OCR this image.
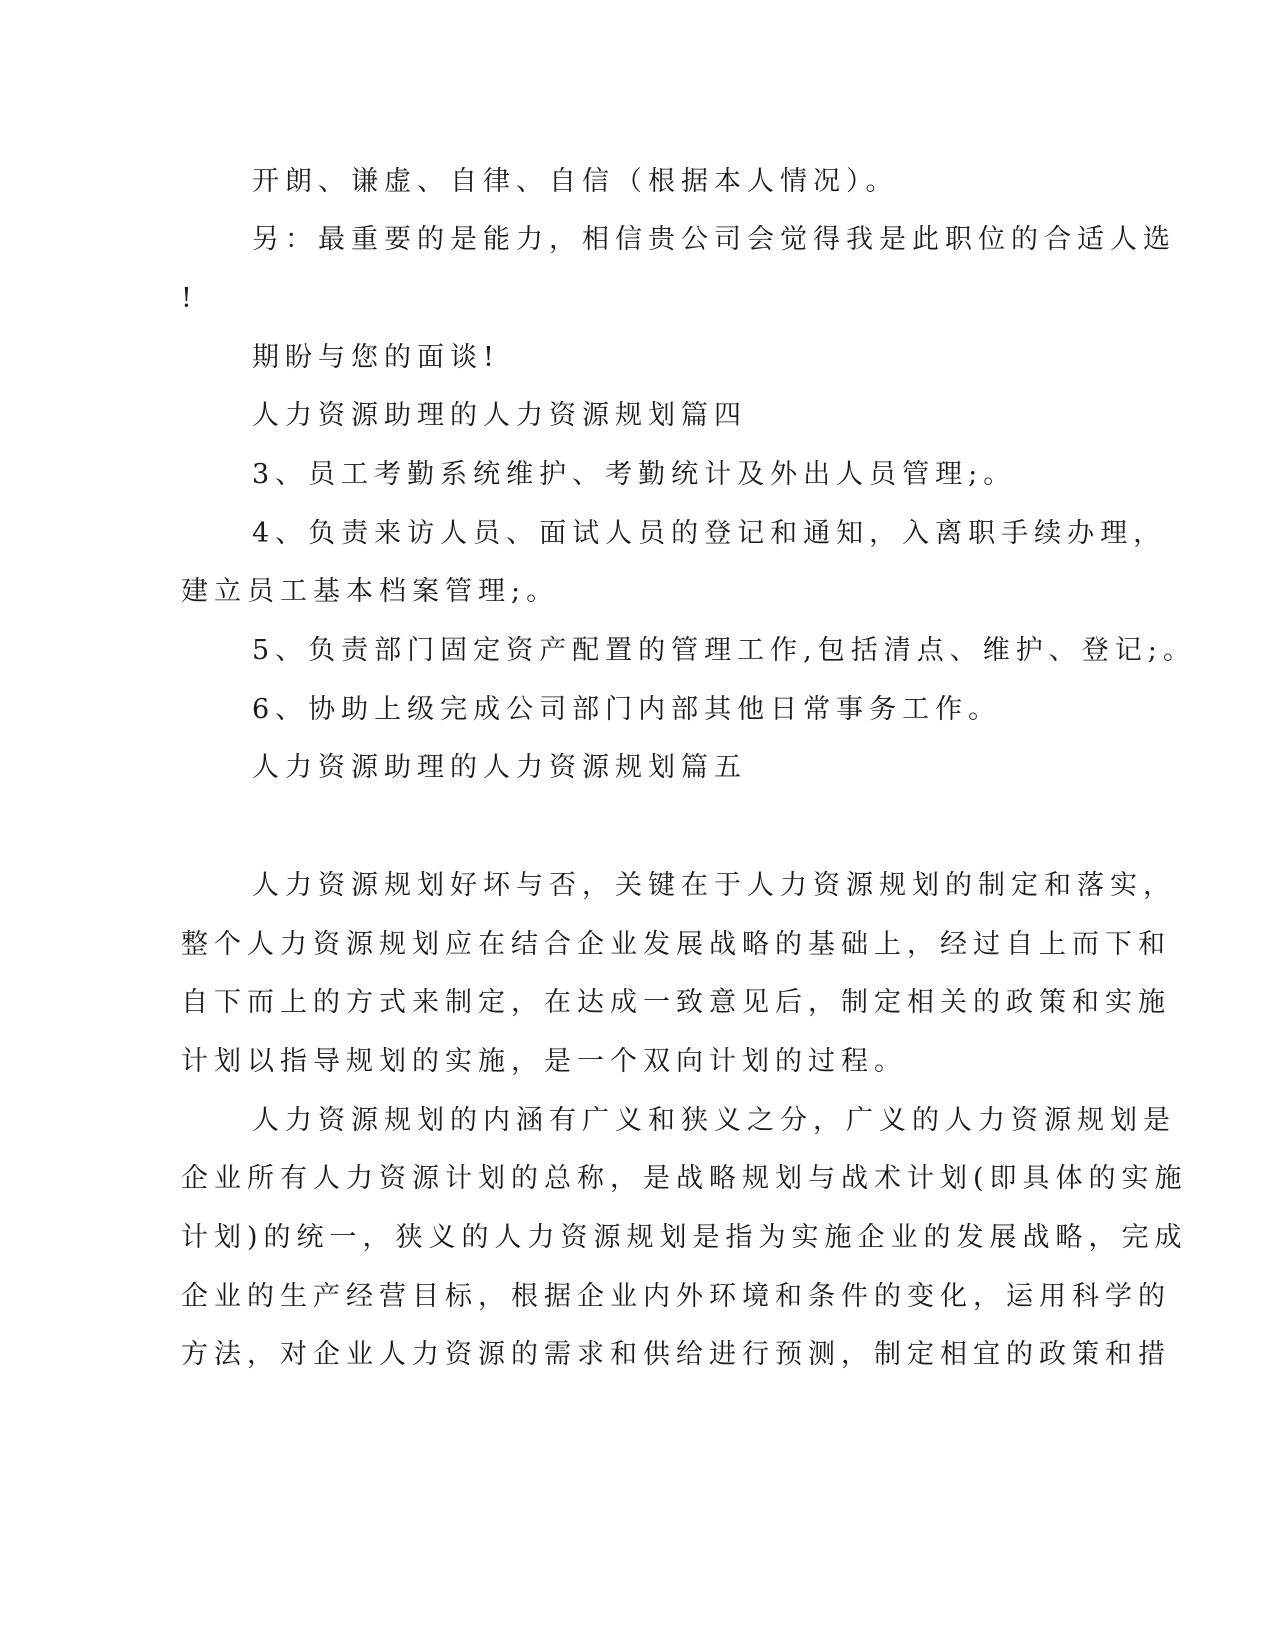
开朗、谦虚、自律、自信（根据本人情况）。
另：最重要的是能力，相信贵公司会觉得我是此职位的合适人选
!
期盼与您的面谈!
人力资源助理的人力资源规划篇四
3、员工考勤系统维护、考勤统计及外出人员管理;。
4、负责来访人员、面试人员的登记和通知，入离职手续办理，
建立员工基本档案管理;。
5、负责部门固定资产配置的管理工作,包括清点、维护、登记;。
6、协助上级完成公司部门内部其他日常事务工作。
人力资源助理的人力资源规划篇五
人力资源规划好坏与否，关键在于人力资源规划的制定和落实，
整个人力资源规划应在结合企业发展战略的基础上，经过自上而下和
自下而上的方式来制定，在达成一致意见后，制定相关的政策和实施
计划以指导规划的实施，是一个双向计划的过程。
人力资源规划的内涵有广义和狭义之分，广义的人力资源规划是
企业所有人力资源计划的总称，是战略规划与战术计划(即具体的实施
计划)的统一，狭义的人力资源规划是指为实施企业的发展战略，完成
企业的生产经营目标，根据企业内外环境和条件的变化，运用科学的
方法，对企业人力资源的需求和供给进行预测，制定相宜的政策和措
